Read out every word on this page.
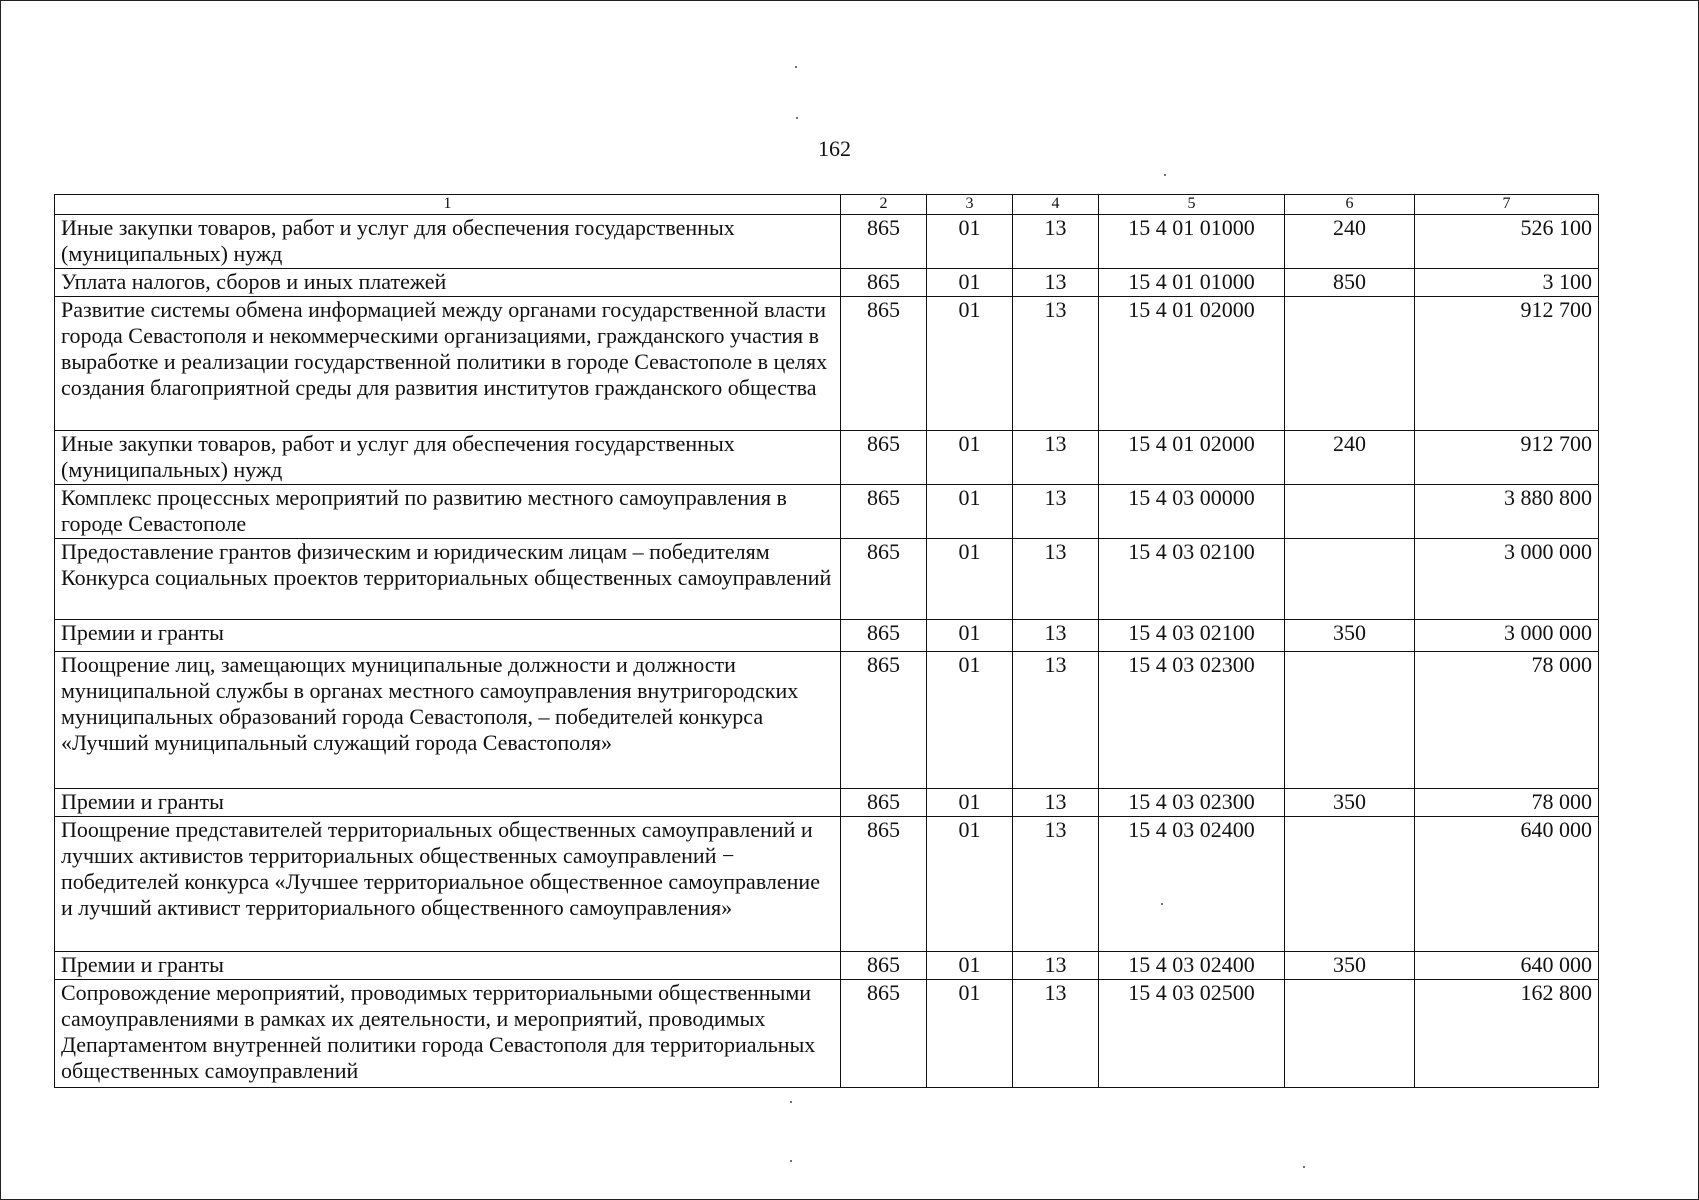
162
1	2	3	4	5	6	7
Иные закупки товаров, работ и услуг для обеспечения государственных (муниципальных) нужд	865	01	13	15 4 01 01000	240	526 100
Уплата налогов, сборов и иных платежей	865	01	13	15 4 01 01000	850	3 100
Развитие системы обмена информацией между органами государственной власти города Севастополя и некоммерческими организациями, гражданского участия в выработке и реализации государственной политики в городе Севастополе в целях создания благоприятной среды для развития институтов гражданского общества	865	01	13	15 4 01 02000		912 700
Иные закупки товаров, работ и услуг для обеспечения государственных (муниципальных) нужд	865	01	13	15 4 01 02000	240	912 700
Комплекс процессных мероприятий по развитию местного самоуправления в городе Севастополе	865	01	13	15 4 03 00000		3 880 800
Предоставление грантов физическим и юридическим лицам – победителям Конкурса социальных проектов территориальных общественных самоуправлений	865	01	13	15 4 03 02100		3 000 000
Премии и гранты	865	01	13	15 4 03 02100	350	3 000 000
Поощрение лиц, замещающих муниципальные должности и должности муниципальной службы в органах местного самоуправления внутригородских муниципальных образований города Севастополя, – победителей конкурса «Лучший муниципальный служащий города Севастополя»	865	01	13	15 4 03 02300		78 000
Премии и гранты	865	01	13	15 4 03 02300	350	78 000
Поощрение представителей территориальных общественных самоуправлений и лучших активистов территориальных общественных самоуправлений − победителей конкурса «Лучшее территориальное общественное самоуправление и лучший активист территориального общественного самоуправления»	865	01	13	15 4 03 02400		640 000
Премии и гранты	865	01	13	15 4 03 02400	350	640 000
Сопровождение мероприятий, проводимых территориальными общественными самоуправлениями в рамках их деятельности, и мероприятий, проводимых Департаментом внутренней политики города Севастополя для территориальных общественных самоуправлений	865	01	13	15 4 03 02500		162 800
